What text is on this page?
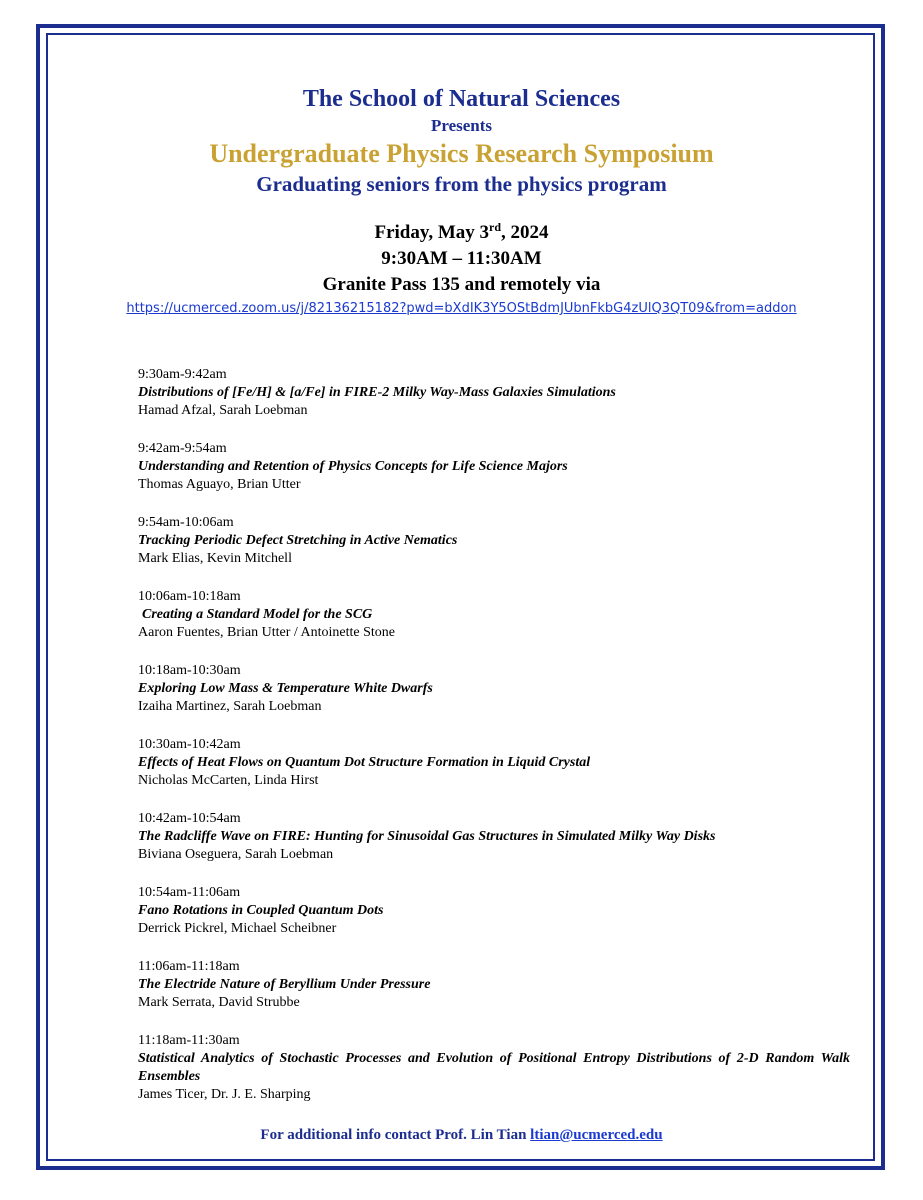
The School of Natural Sciences
Presents
Undergraduate Physics Research Symposium
Graduating seniors from the physics program
Friday, May 3rd, 2024
9:30AM – 11:30AM
Granite Pass 135 and remotely via
https://ucmerced.zoom.us/j/82136215182?pwd=bXdIK3Y5OStBdmJUbnFkbG4zUlQ3QT09&from=addon
9:30am-9:42am
Distributions of [Fe/H] & [a/Fe] in FIRE-2 Milky Way-Mass Galaxies Simulations
Hamad Afzal, Sarah Loebman
9:42am-9:54am
Understanding and Retention of Physics Concepts for Life Science Majors
Thomas Aguayo, Brian Utter
9:54am-10:06am
Tracking Periodic Defect Stretching in Active Nematics
Mark Elias, Kevin Mitchell
10:06am-10:18am
Creating a Standard Model for the SCG
Aaron Fuentes, Brian Utter / Antoinette Stone
10:18am-10:30am
Exploring Low Mass & Temperature White Dwarfs
Izaiha Martinez, Sarah Loebman
10:30am-10:42am
Effects of Heat Flows on Quantum Dot Structure Formation in Liquid Crystal
Nicholas McCarten, Linda Hirst
10:42am-10:54am
The Radcliffe Wave on FIRE: Hunting for Sinusoidal Gas Structures in Simulated Milky Way Disks
Biviana Oseguera, Sarah Loebman
10:54am-11:06am
Fano Rotations in Coupled Quantum Dots
Derrick Pickrel, Michael Scheibner
11:06am-11:18am
The Electride Nature of Beryllium Under Pressure
Mark Serrata, David Strubbe
11:18am-11:30am
Statistical Analytics of Stochastic Processes and Evolution of Positional Entropy Distributions of 2-D Random Walk Ensembles
James Ticer, Dr. J. E. Sharping
For additional info contact Prof. Lin Tian ltian@ucmerced.edu
